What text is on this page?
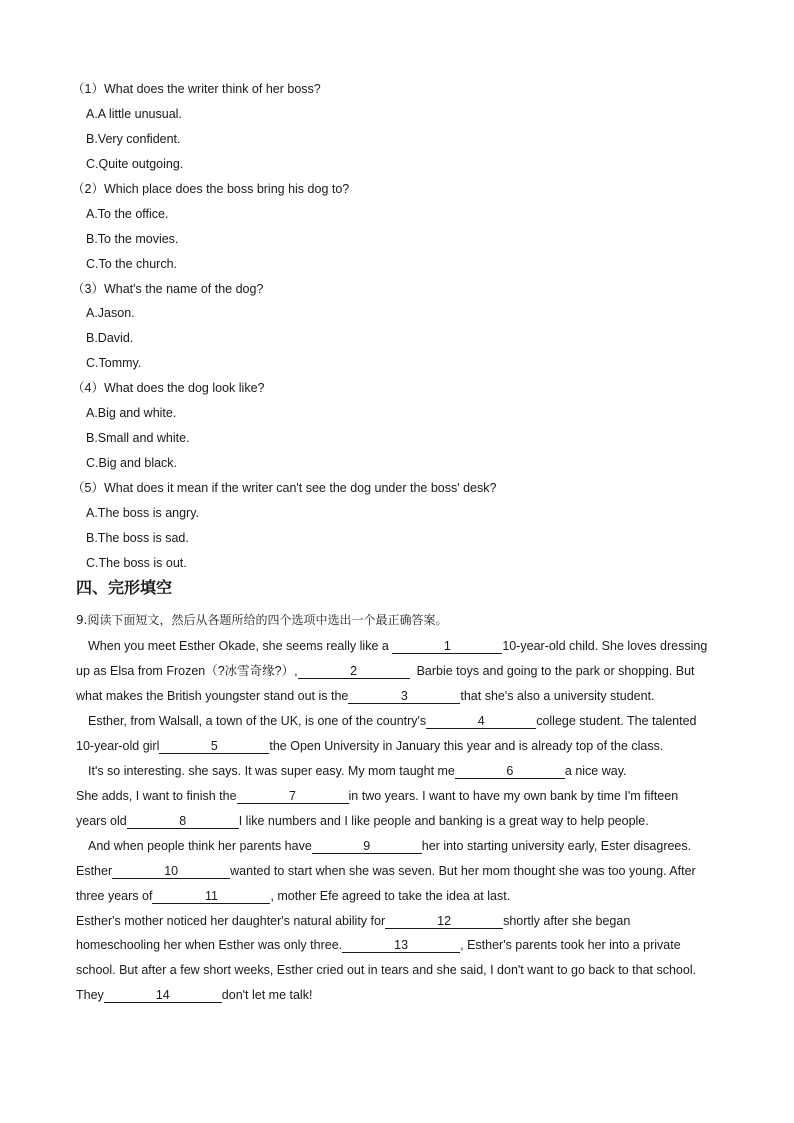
（1）What does the writer think of her boss?
A.A little unusual.
B.Very confident.
C.Quite outgoing.
（2）Which place does the boss bring his dog to?
A.To the office.
B.To the movies.
C.To the church.
（3）What's the name of the dog?
A.Jason.
B.David.
C.Tommy.
（4）What does the dog look like?
A.Big and white.
B.Small and white.
C.Big and black.
（5）What does it mean if the writer can't see the dog under the boss' desk?
A.The boss is angry.
B.The boss is sad.
C.The boss is out.
四、完形填空
9.阅读下面短文，然后从各题所给的四个选项中选出一个最正确答案。
When you meet Esther Okade, she seems really like a	1	10-year-old child. She loves dressing
up as Elsa from Frozen（?冰雪奇缘?）,	2	Barbie toys and going to the park or shopping. But
what makes the British youngster stand out is the	3	that she's also a university student.
Esther, from Walsall, a town of the UK, is one of the country's	4	college student. The talented
10-year-old girl	5	the Open University in January this year and is already top of the class.
It's so interesting. she says. It was super easy. My mom taught me	6	a nice way.
She adds, I want to finish the	7	in two years. I want to have my own bank by time I'm fifteen
years old	8	I like numbers and I like people and banking is a great way to help people.
And when people think her parents have	9	her into starting university early, Ester disagrees.
Esther	10	wanted to start when she was seven. But her mom thought she was too young. After
three years of	11	, mother Efe agreed to take the idea at last.
Esther's mother noticed her daughter's natural ability for	12	shortly after she began
homeschooling her when Esther was only three.	13	, Esther's parents took her into a private
school. But after a few short weeks, Esther cried out in tears and she said, I don't want to go back to that school.
They	14	don't let me talk!
